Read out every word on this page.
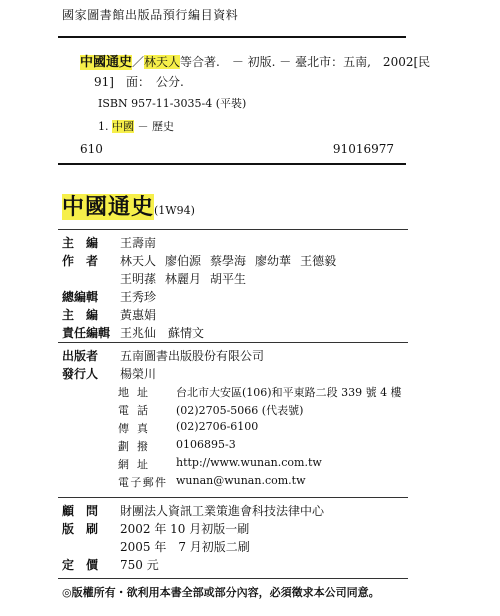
國家圖書館出版品預行編目資料
中國通史／林天人等合著.　－ 初版. － 臺北市：五南,　2002[民
91]　面：　公分.
ISBN 957-11-3035-4 (平裝)
1. 中國 － 歷史
610	91016977
中國通史(1W94)
主　編	王壽南
作　者	林天人 廖伯源 蔡學海 廖幼華 王德毅
王明蓀 林麗月 胡平生
總編輯	王秀珍
主　編	黃惠娟
責任編輯 王兆仙　蘇情文
出版者	五南圖書出版股份有限公司
發行人	楊榮川
地址	台北市大安區(106)和平東路二段 339 號 4 樓
電話	(02)2705-5066 (代表號)
傳真	(02)2706-6100
劃撥	0106895-3
網址	http://www.wunan.com.tw
電子郵件 wunan@wunan.com.tw
顧　問	財團法人資訊工業策進會科技法律中心
版　刷	2002 年 10 月初版一刷
2005 年　7 月初版二刷
定　價	750 元
◎版權所有・欲利用本書全部或部分內容，必須徵求本公司同意。
